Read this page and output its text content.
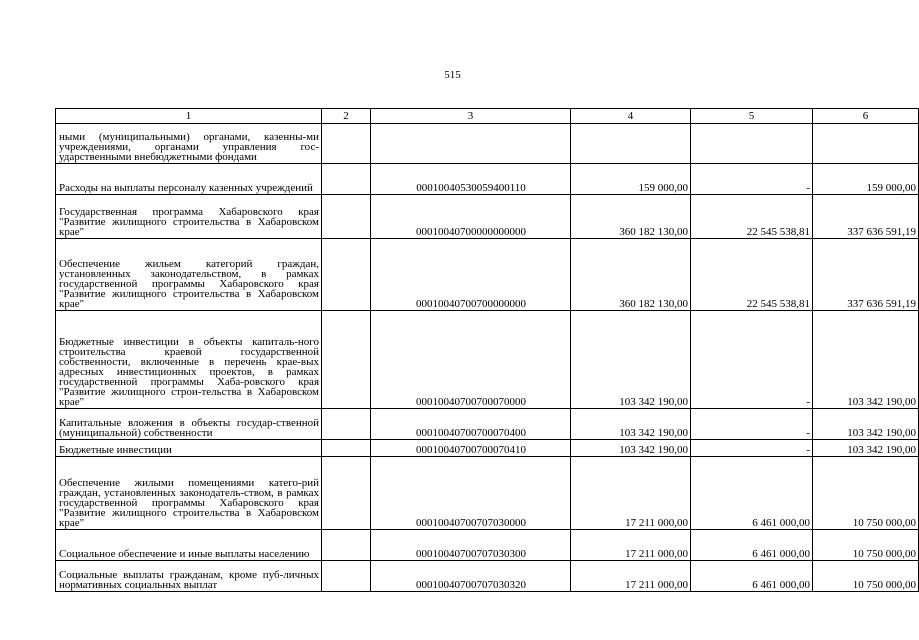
515
1	2	3	4	5	6
ными (муниципальными) органами, казенны-ми учреждениями, органами управления гос-ударственными внебюджетными фондами					
Расходы на выплаты персоналу казенных учреждений		00010040530059400110	159 000,00	-	159 000,00
Государственная программа Хабаровского края "Развитие жилищного строительства в Хабаровском крае"		00010040700000000000	360 182 130,00	22 545 538,81	337 636 591,19
Обеспечение жильем категорий граждан, установленных законодательством, в рамках государственной программы Хабаровского края "Развитие жилищного строительства в Хабаровском крае"		00010040700700000000	360 182 130,00	22 545 538,81	337 636 591,19
Бюджетные инвестиции в объекты капиталь-ного строительства краевой государственной собственности, включенные в перечень крае-вых адресных инвестиционных проектов, в рамках государственной программы Хаба-ровского края "Развитие жилищного строи-тельства в Хабаровском крае"		00010040700700070000	103 342 190,00	-	103 342 190,00
Капитальные вложения в объекты государ-ственной (муниципальной) собственности		00010040700700070400	103 342 190,00	-	103 342 190,00
Бюджетные инвестиции		00010040700700070410	103 342 190,00	-	103 342 190,00
Обеспечение жилыми помещениями катего-рий граждан, установленных законодатель-ством, в рамках государственной программы Хабаровского края "Развитие жилищного строительства в Хабаровском крае"		00010040700707030000	17 211 000,00	6 461 000,00	10 750 000,00
Социальное обеспечение и иные выплаты населению		00010040700707030300	17 211 000,00	6 461 000,00	10 750 000,00
Социальные выплаты гражданам, кроме пуб-личных нормативных социальных выплат		00010040700707030320	17 211 000,00	6 461 000,00	10 750 000,00
